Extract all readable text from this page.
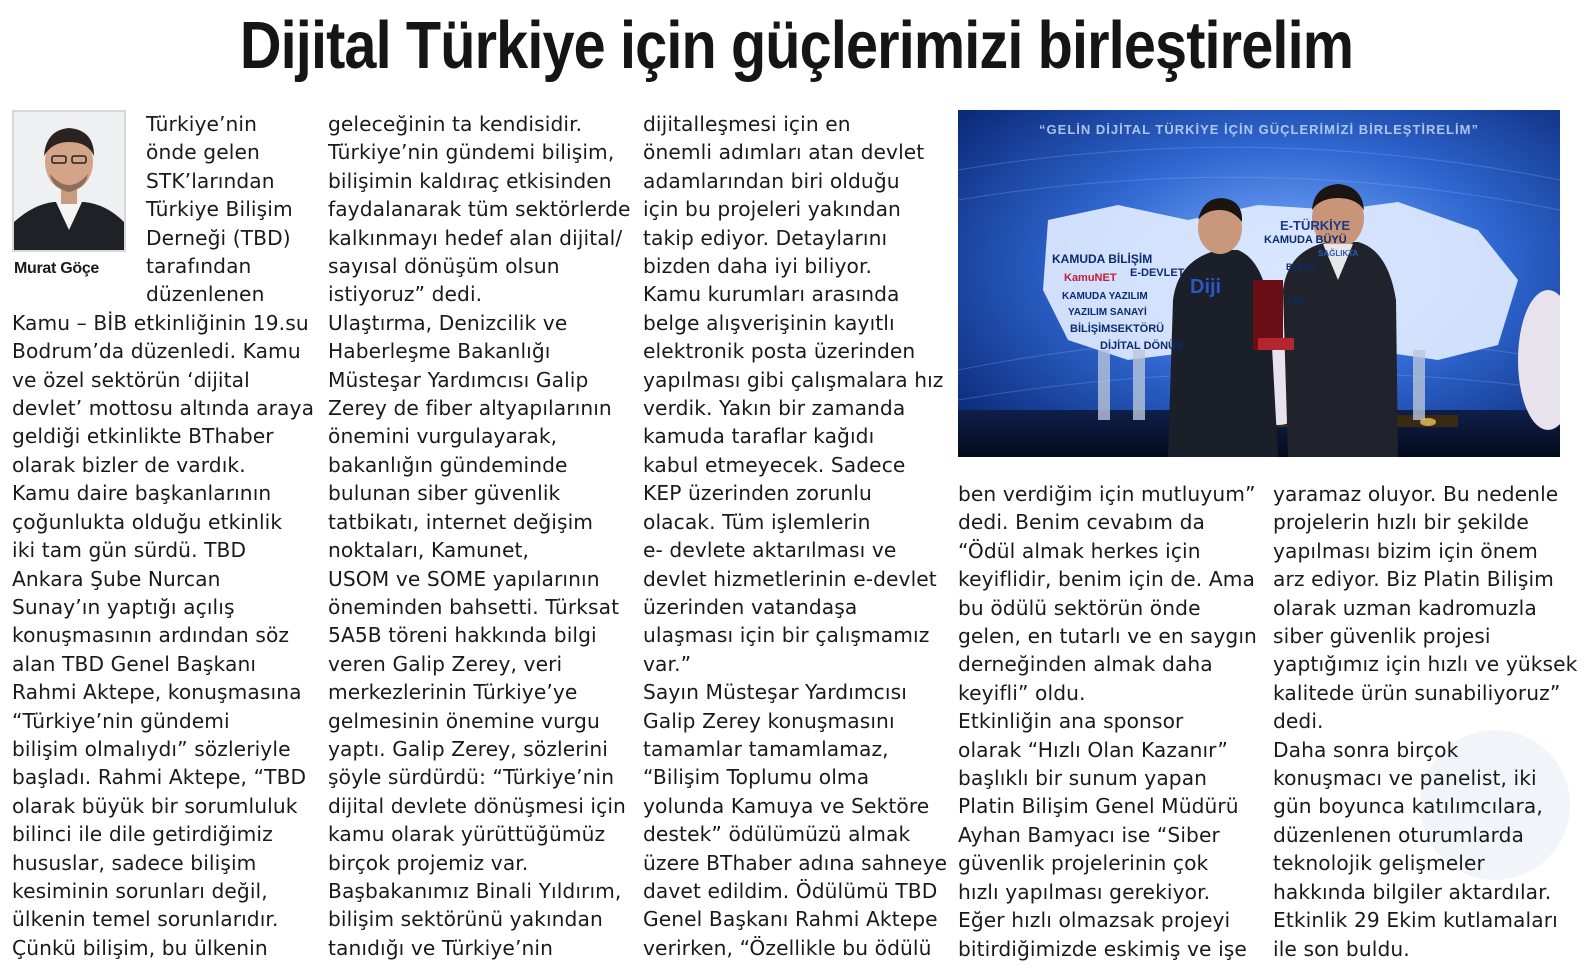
Dijital Türkiye için güçlerimizi birleştirelim
Murat Göçe
Türkiye’nin
önde gelen
STK’larından
Türkiye Bilişim
Derneği (TBD)
tarafından
düzenlenen
Kamu – BİB etkinliğinin 19.su
Bodrum’da düzenledi. Kamu
ve özel sektörün ‘dijital
devlet’ mottosu altında araya
geldiği etkinlikte BThaber
olarak bizler de vardık.
Kamu daire başkanlarının
çoğunlukta olduğu etkinlik
iki tam gün sürdü. TBD
Ankara Şube Nurcan
Sunay’ın yaptığı açılış
konuşmasının ardından söz
alan TBD Genel Başkanı
Rahmi Aktepe, konuşmasına
“Türkiye’nin gündemi
bilişim olmalıydı” sözleriyle
başladı. Rahmi Aktepe, “TBD
olarak büyük bir sorumluluk
bilinci ile dile getirdiğimiz
hususlar, sadece bilişim
kesiminin sorunları değil,
ülkenin temel sorunlarıdır.
Çünkü bilişim, bu ülkenin
geleceğinin ta kendisidir.
Türkiye’nin gündemi bilişim,
bilişimin kaldıraç etkisinden
faydalanarak tüm sektörlerde
kalkınmayı hedef alan dijital/
sayısal dönüşüm olsun
istiyoruz” dedi.
Ulaştırma, Denizcilik ve
Haberleşme Bakanlığı
Müsteşar Yardımcısı Galip
Zerey de fiber altyapılarının
önemini vurgulayarak,
bakanlığın gündeminde
bulunan siber güvenlik
tatbikatı, internet değişim
noktaları, Kamunet,
USOM ve SOME yapılarının
öneminden bahsetti. Türksat
5A5B töreni hakkında bilgi
veren Galip Zerey, veri
merkezlerinin Türkiye’ye
gelmesinin önemine vurgu
yaptı. Galip Zerey, sözlerini
şöyle sürdürdü: “Türkiye’nin
dijital devlete dönüşmesi için
kamu olarak yürüttüğümüz
birçok projemiz var.
Başbakanımız Binali Yıldırım,
bilişim sektörünü yakından
tanıdığı ve Türkiye’nin
dijitalleşmesi için en
önemli adımları atan devlet
adamlarından biri olduğu
için bu projeleri yakından
takip ediyor. Detaylarını
bizden daha iyi biliyor.
Kamu kurumları arasında
belge alışverişinin kayıtlı
elektronik posta üzerinden
yapılması gibi çalışmalara hız
verdik. Yakın bir zamanda
kamuda taraflar kağıdı
kabul etmeyecek. Sadece
KEP üzerinden zorunlu
olacak. Tüm işlemlerin
e- devlete aktarılması ve
devlet hizmetlerinin e-devlet
üzerinden vatandaşa
ulaşması için bir çalışmamız
var.”
Sayın Müsteşar Yardımcısı
Galip Zerey konuşmasını
tamamlar tamamlamaz,
“Bilişim Toplumu olma
yolunda Kamuya ve Sektöre
destek” ödülümüzü almak
üzere BThaber adına sahneye
davet edildim. Ödülümü TBD
Genel Başkanı Rahmi Aktepe
verirken, “Özellikle bu ödülü
“GELİN DİJİTAL TÜRKİYE İÇİN GÜÇLERİMİZİ BİRLEŞTİRELİM”
E-TÜRKİYE
KAMUDA BÜYÜ
SAĞLIKTA
KAMUDA BİLİŞİM
KamuNET E-DEVLET
Diji
BULUT
KAMUDA YAZILIM
YAZILIM SANAYİ
BİLİŞİMSEKTÖRÜ
DİJİTAL DÖNÜŞ
UD
ben verdiğim için mutluyum”
dedi. Benim cevabım da
“Ödül almak herkes için
keyiflidir, benim için de. Ama
bu ödülü sektörün önde
gelen, en tutarlı ve en saygın
derneğinden almak daha
keyifli” oldu.
Etkinliğin ana sponsor
olarak “Hızlı Olan Kazanır”
başlıklı bir sunum yapan
Platin Bilişim Genel Müdürü
Ayhan Bamyacı ise “Siber
güvenlik projelerinin çok
hızlı yapılması gerekiyor.
Eğer hızlı olmazsak projeyi
bitirdiğimizde eskimiş ve işe
yaramaz oluyor. Bu nedenle
projelerin hızlı bir şekilde
yapılması bizim için önem
arz ediyor. Biz Platin Bilişim
olarak uzman kadromuzla
siber güvenlik projesi
yaptığımız için hızlı ve yüksek
kalitede ürün sunabiliyoruz”
dedi.
Daha sonra birçok
konuşmacı ve panelist, iki
gün boyunca katılımcılara,
düzenlenen oturumlarda
teknolojik gelişmeler
hakkında bilgiler aktardılar.
Etkinlik 29 Ekim kutlamaları
ile son buldu.
